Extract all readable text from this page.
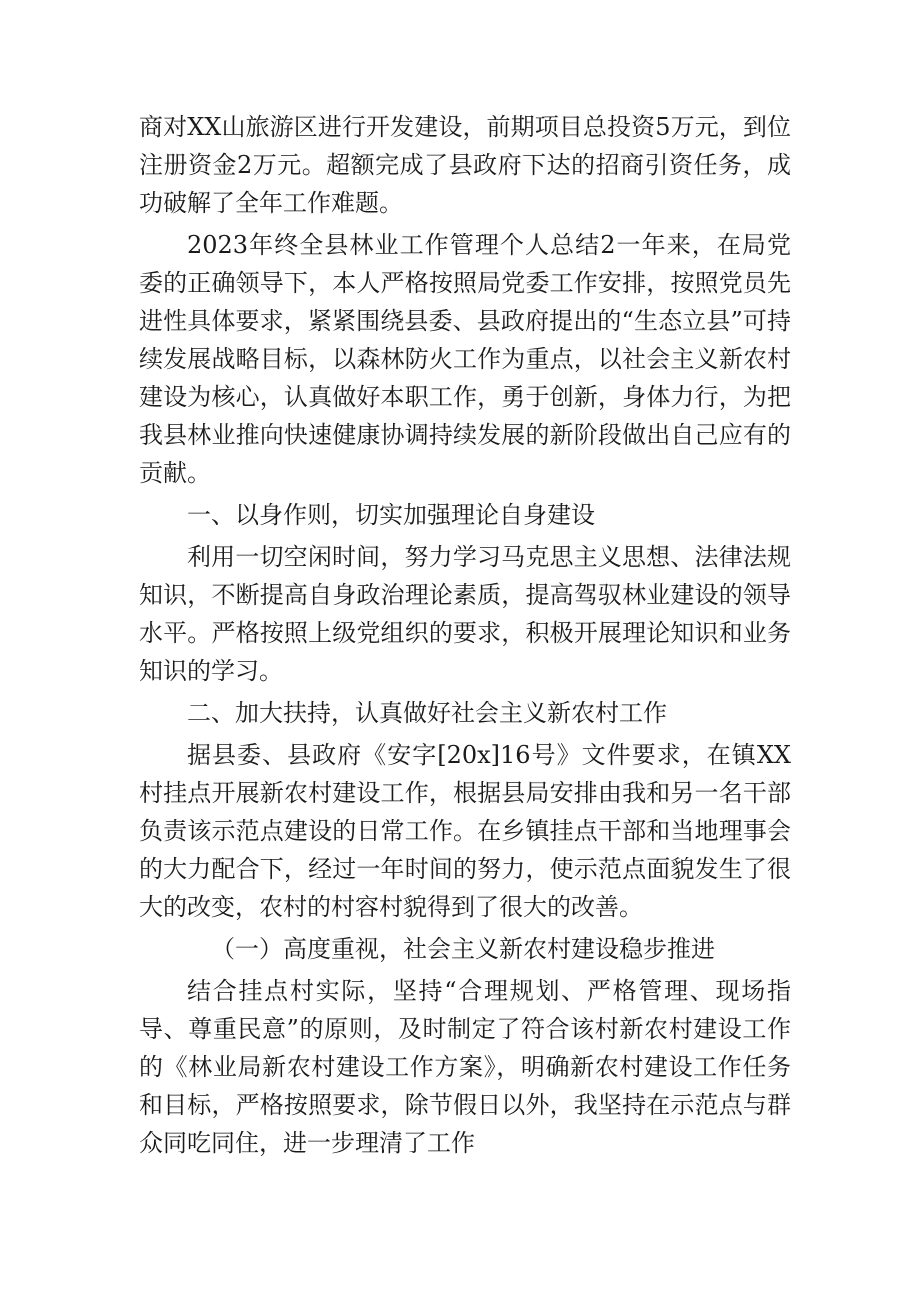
商对XX山旅游区进行开发建设，前期项目总投资5万元，到位注册资金2万元。超额完成了县政府下达的招商引资任务，成功破解了全年工作难题。

2023年终全县林业工作管理个人总结2一年来，在局党委的正确领导下，本人严格按照局党委工作安排，按照党员先进性具体要求，紧紧围绕县委、县政府提出的“生态立县”可持续发展战略目标，以森林防火工作为重点，以社会主义新农村建设为核心，认真做好本职工作，勇于创新，身体力行，为把我县林业推向快速健康协调持续发展的新阶段做出自己应有的贡献。

一、以身作则，切实加强理论自身建设

利用一切空闲时间，努力学习马克思主义思想、法律法规知识，不断提高自身政治理论素质，提高驾驭林业建设的领导水平。严格按照上级党组织的要求，积极开展理论知识和业务知识的学习。

二、加大扶持，认真做好社会主义新农村工作

据县委、县政府《安字[20x]16号》文件要求，在镇XX村挂点开展新农村建设工作，根据县局安排由我和另一名干部负责该示范点建设的日常工作。在乡镇挂点干部和当地理事会的大力配合下，经过一年时间的努力，使示范点面貌发生了很大的改变，农村的村容村貌得到了很大的改善。

（一）高度重视，社会主义新农村建设稳步推进

结合挂点村实际，坚持“合理规划、严格管理、现场指导、尊重民意”的原则，及时制定了符合该村新农村建设工作的《林业局新农村建设工作方案》，明确新农村建设工作任务和目标，严格按照要求，除节假日以外，我坚持在示范点与群众同吃同住，进一步理清了工作
